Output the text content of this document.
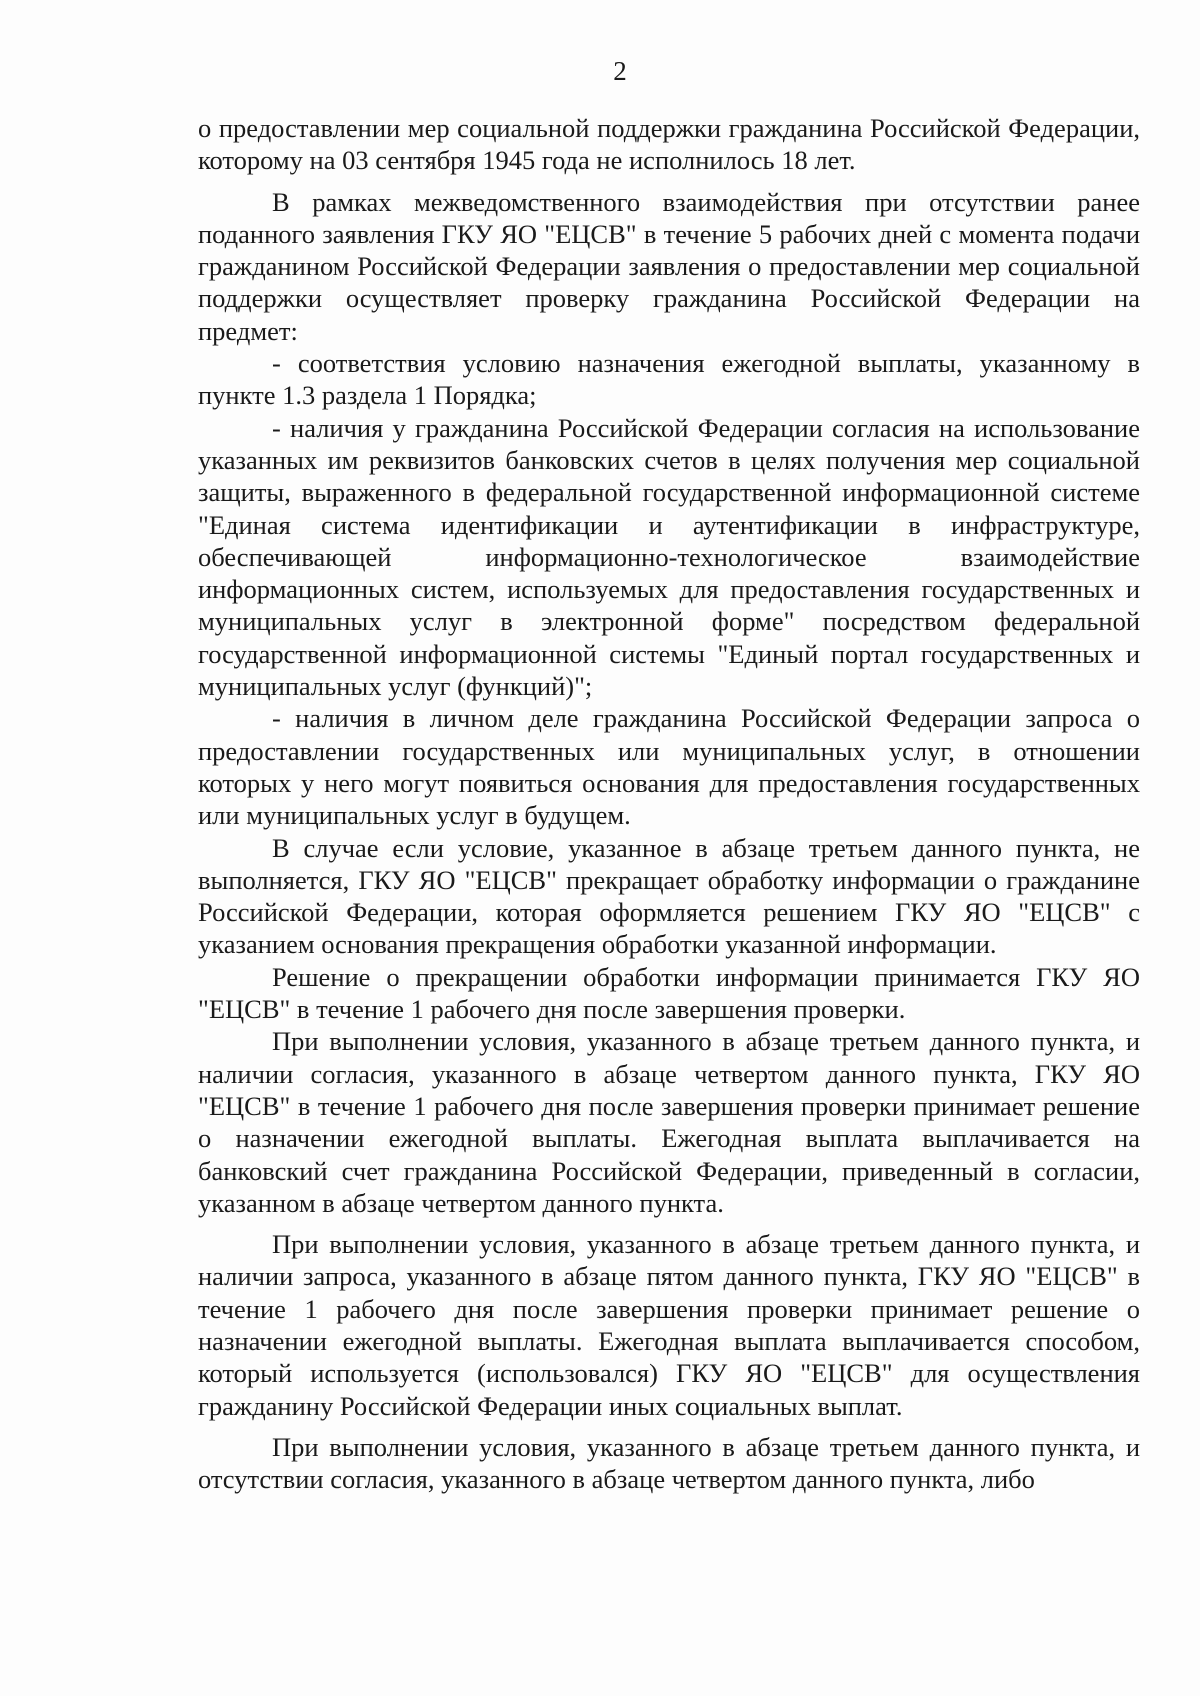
2

о предоставлении мер социальной поддержки гражданина Российской Федерации, которому на 03 сентября 1945 года не исполнилось 18 лет.

В рамках межведомственного взаимодействия при отсутствии ранее поданного заявления ГКУ ЯО "ЕЦСВ" в течение 5 рабочих дней с момента подачи гражданином Российской Федерации заявления о предоставлении мер социальной поддержки осуществляет проверку гражданина Российской Федерации на предмет:

- соответствия условию назначения ежегодной выплаты, указанному в пункте 1.3 раздела 1 Порядка;

- наличия у гражданина Российской Федерации согласия на использование указанных им реквизитов банковских счетов в целях получения мер социальной защиты, выраженного в федеральной государственной информационной системе "Единая система идентификации и аутентификации в инфраструктуре, обеспечивающей информационно-технологическое взаимодействие информационных систем, используемых для предоставления государственных и муниципальных услуг в электронной форме" посредством федеральной государственной информационной системы "Единый портал государственных и муниципальных услуг (функций)";

- наличия в личном деле гражданина Российской Федерации запроса о предоставлении государственных или муниципальных услуг, в отношении которых у него могут появиться основания для предоставления государственных или муниципальных услуг в будущем.

В случае если условие, указанное в абзаце третьем данного пункта, не выполняется, ГКУ ЯО "ЕЦСВ" прекращает обработку информации о гражданине Российской Федерации, которая оформляется решением ГКУ ЯО "ЕЦСВ" с указанием основания прекращения обработки указанной информации.

Решение о прекращении обработки информации принимается ГКУ ЯО "ЕЦСВ" в течение 1 рабочего дня после завершения проверки.

При выполнении условия, указанного в абзаце третьем данного пункта, и наличии согласия, указанного в абзаце четвертом данного пункта, ГКУ ЯО "ЕЦСВ" в течение 1 рабочего дня после завершения проверки принимает решение о назначении ежегодной выплаты. Ежегодная выплата выплачивается на банковский счет гражданина Российской Федерации, приведенный в согласии, указанном в абзаце четвертом данного пункта.

При выполнении условия, указанного в абзаце третьем данного пункта, и наличии запроса, указанного в абзаце пятом данного пункта, ГКУ ЯО "ЕЦСВ" в течение 1 рабочего дня после завершения проверки принимает решение о назначении ежегодной выплаты. Ежегодная выплата выплачивается способом, который используется (использовался) ГКУ ЯО "ЕЦСВ" для осуществления гражданину Российской Федерации иных социальных выплат.

При выполнении условия, указанного в абзаце третьем данного пункта, и отсутствии согласия, указанного в абзаце четвертом данного пункта, либо
